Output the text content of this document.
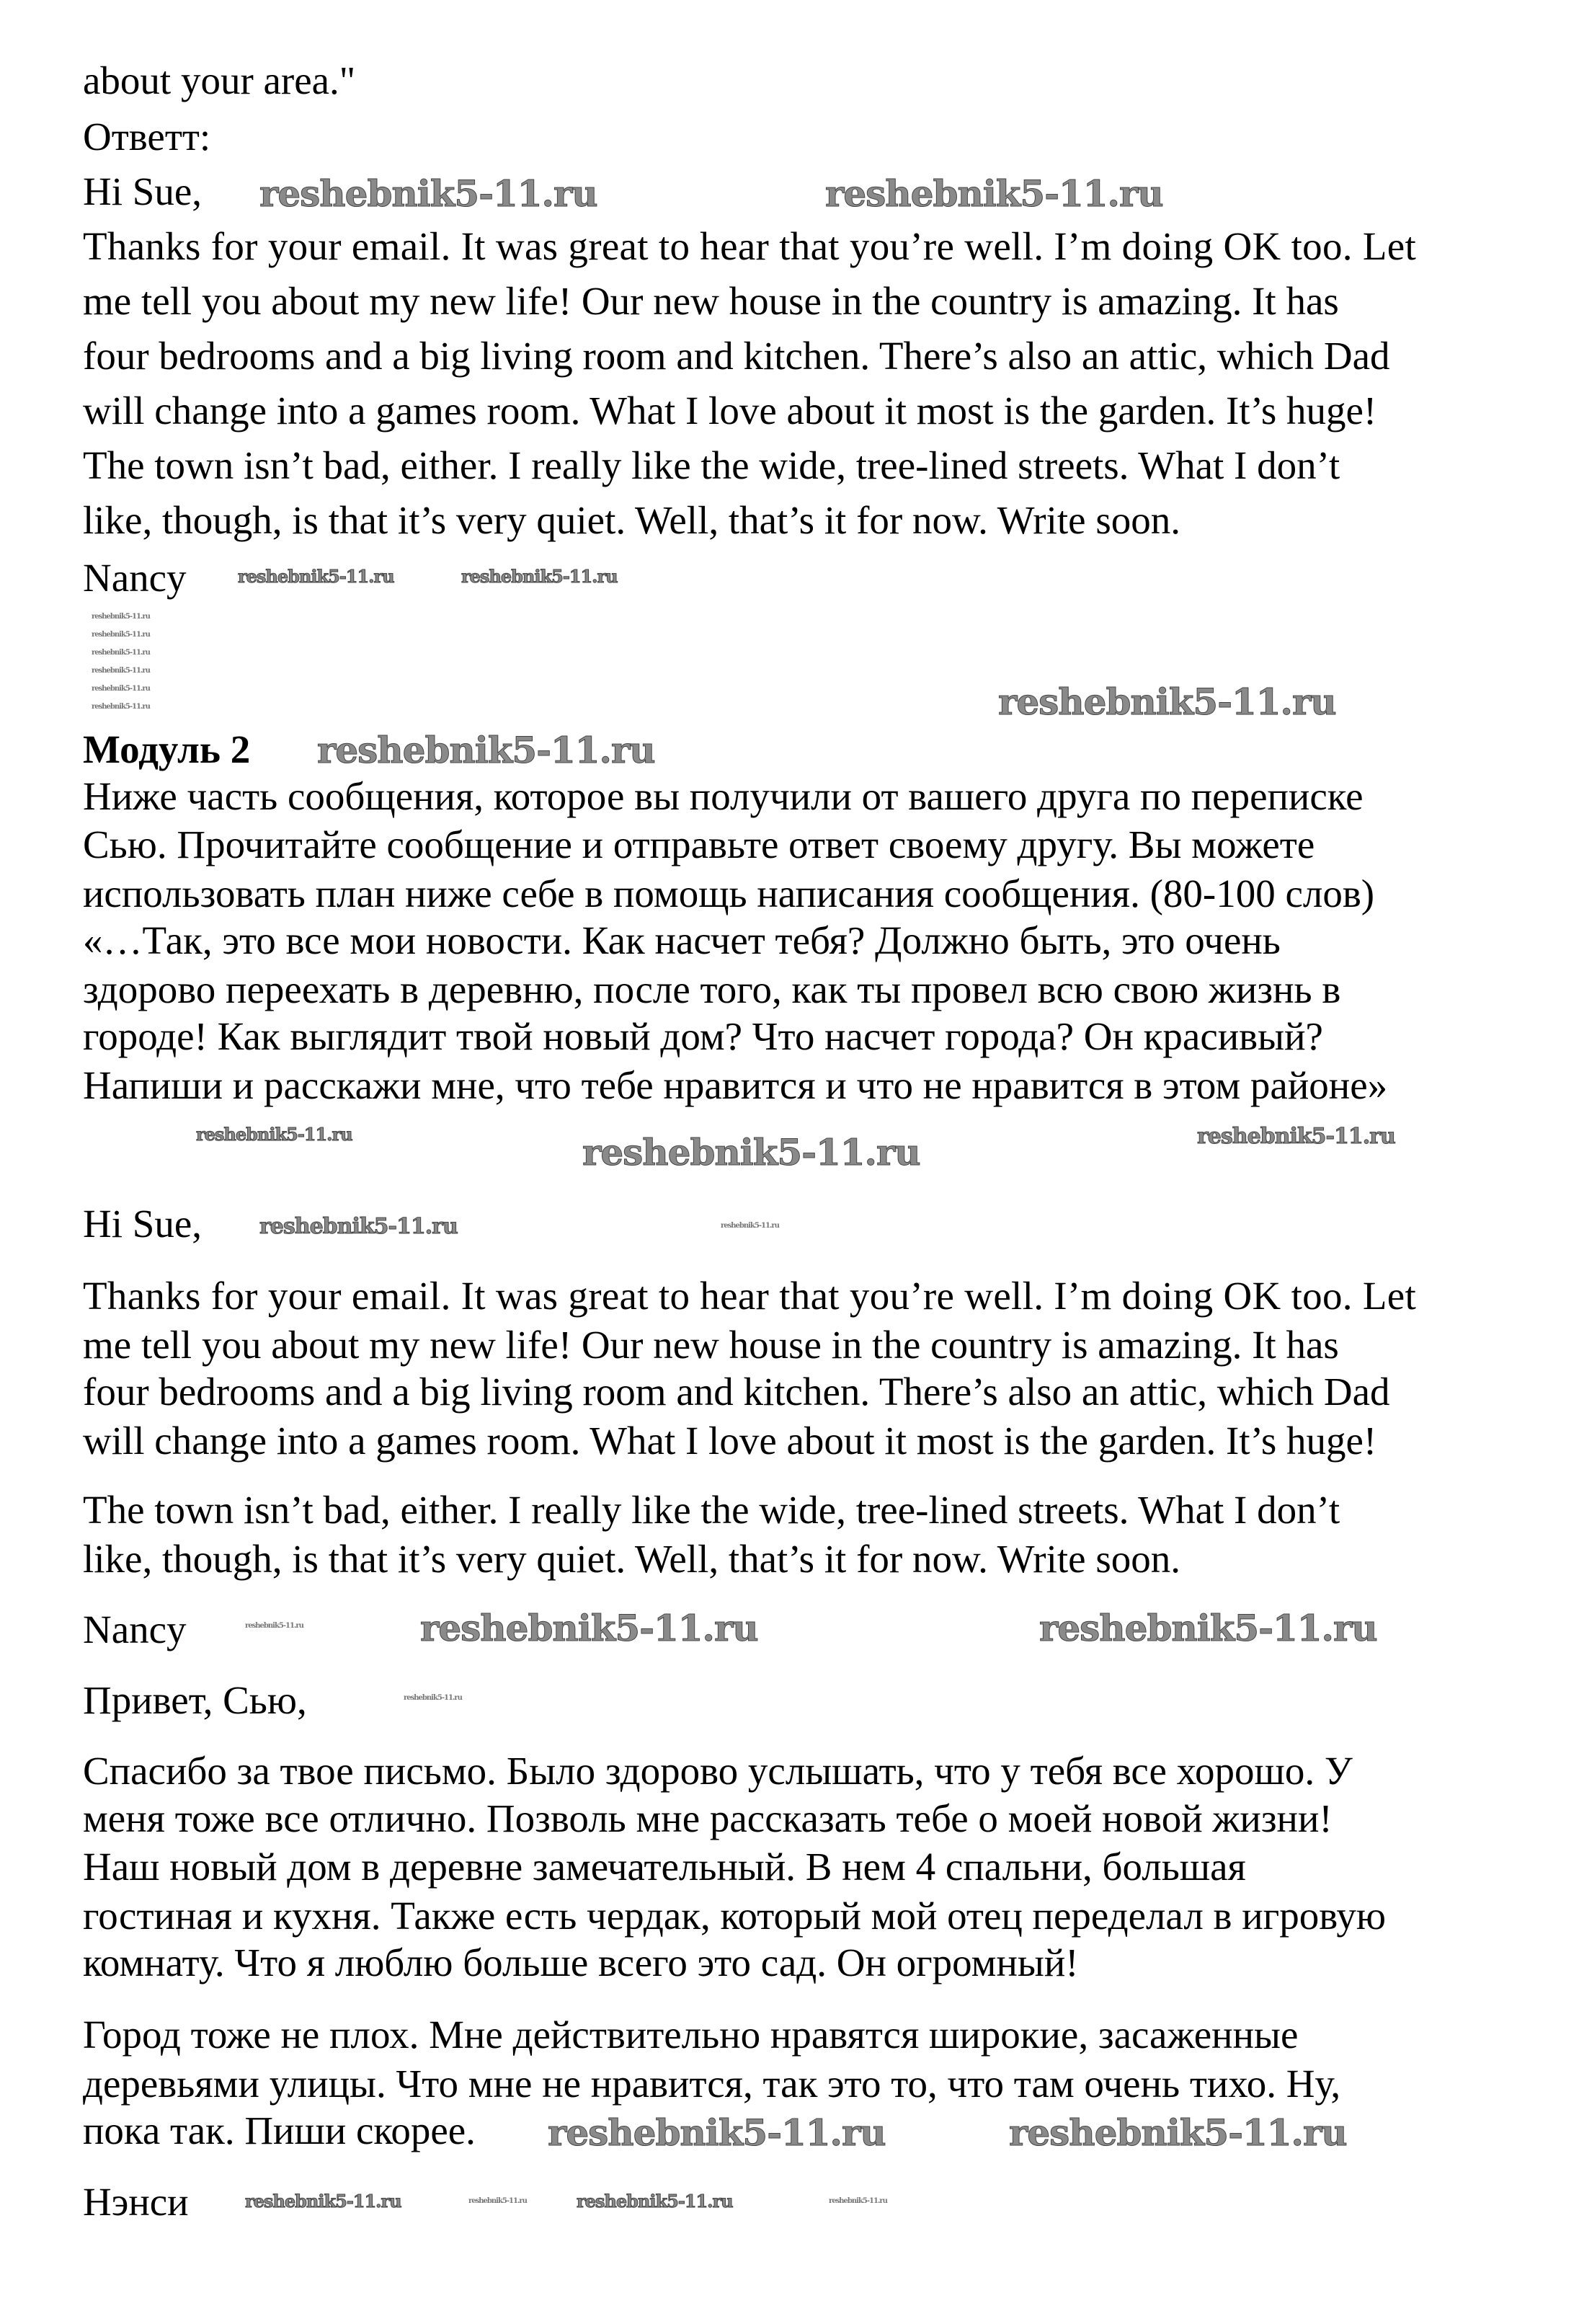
about your area."
Ответт:
Hi Sue,
Thanks for your email. It was great to hear that you’re well. I’m doing OK too. Let
me tell you about my new life! Our new house in the country is amazing. It has
four bedrooms and a big living room and kitchen. There’s also an attic, which Dad
will change into a games room. What I love about it most is the garden. It’s huge!
The town isn’t bad, either. I really like the wide, tree-lined streets. What I don’t
like, though, is that it’s very quiet. Well, that’s it for now. Write soon.
Nancy
Модуль 2
Ниже часть сообщения, которое вы получили от вашего друга по переписке
Сью. Прочитайте сообщение и отправьте ответ своему другу. Вы можете
использовать план ниже себе в помощь написания сообщения. (80-100 слов)
«…Так, это все мои новости. Как насчет тебя? Должно быть, это очень
здорово переехать в деревню, после того, как ты провел всю свою жизнь в
городе! Как выглядит твой новый дом? Что насчет города? Он красивый?
Напиши и расскажи мне, что тебе нравится и что не нравится в этом районе»
Hi Sue,
Thanks for your email. It was great to hear that you’re well. I’m doing OK too. Let
me tell you about my new life! Our new house in the country is amazing. It has
four bedrooms and a big living room and kitchen. There’s also an attic, which Dad
will change into a games room. What I love about it most is the garden. It’s huge!
The town isn’t bad, either. I really like the wide, tree-lined streets. What I don’t
like, though, is that it’s very quiet. Well, that’s it for now. Write soon.
Nancy
Привет, Сью,
Спасибо за твое письмо. Было здорово услышать, что у тебя все хорошо. У
меня тоже все отлично. Позволь мне рассказать тебе о моей новой жизни!
Наш новый дом в деревне замечательный. В нем 4 спальни, большая
гостиная и кухня. Также есть чердак, который мой отец переделал в игровую
комнату. Что я люблю больше всего это сад. Он огромный!
Город тоже не плох. Мне действительно нравятся широкие, засаженные
деревьями улицы. Что мне не нравится, так это то, что там очень тихо. Ну,
пока так. Пиши скорее.
Нэнси
reshebnik5-11.ru	reshebnik5-11.ru
reshebnik5-11.ru	reshebnik5-11.ru
reshebnik5-11.ru
reshebnik5-11.ru
reshebnik5-11.ru
reshebnik5-11.ru
reshebnik5-11.ru
reshebnik5-11.ru	reshebnik5-11.ru
reshebnik5-11.ru
reshebnik5-11.ru	reshebnik5-11.ru	reshebnik5-11.ru
reshebnik5-11.ru	reshebnik5-11.ru
reshebnik5-11.ru	reshebnik5-11.ru	reshebnik5-11.ru
reshebnik5-11.ru
reshebnik5-11.ru	reshebnik5-11.ru	reshebnik5-11.ru
reshebnik5-11.ru
reshebnik5-11.ru
reshebnik5-11.ru
